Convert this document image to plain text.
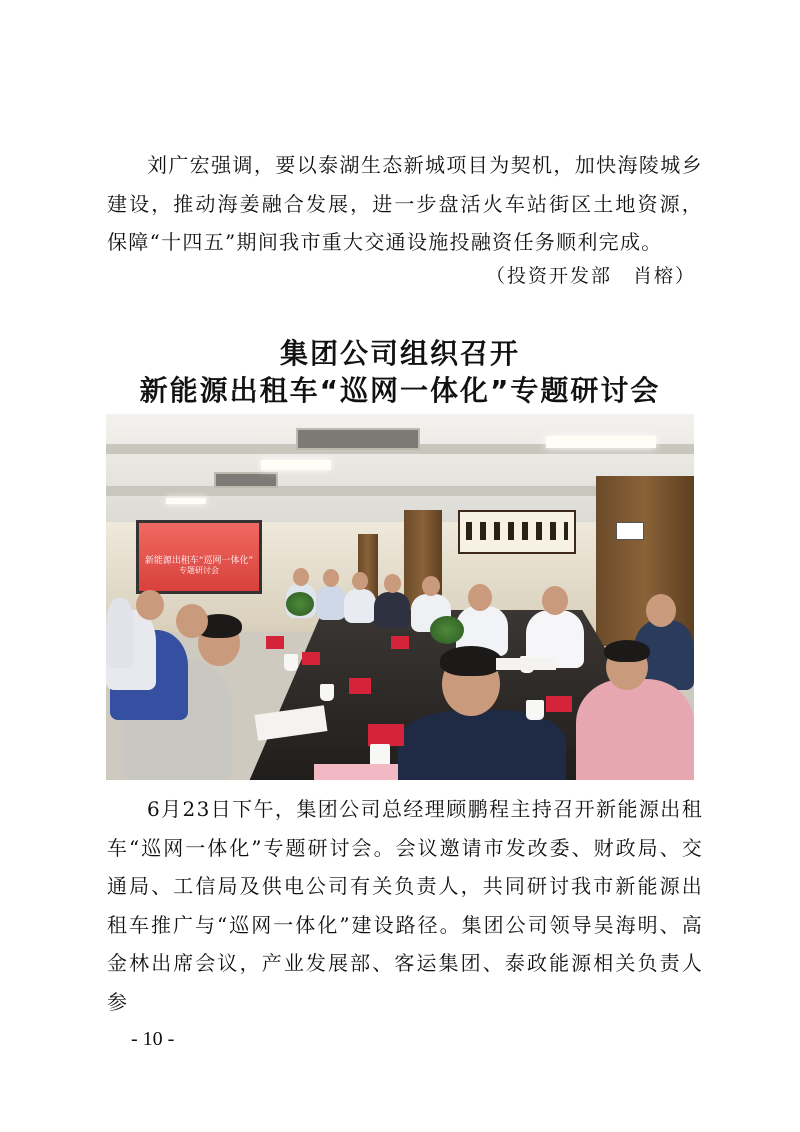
刘广宏强调，要以泰湖生态新城项目为契机，加快海陵城乡建设，推动海姜融合发展，进一步盘活火车站街区土地资源，保障“十四五”期间我市重大交通设施投融资任务顺利完成。

（投资开发部　肖榕）

集团公司组织召开
新能源出租车“巡网一体化”专题研讨会
新能源出租车“巡网一体化”
专题研讨会

6月23日下午，集团公司总经理顾鹏程主持召开新能源出租车“巡网一体化”专题研讨会。会议邀请市发改委、财政局、交通局、工信局及供电公司有关负责人，共同研讨我市新能源出租车推广与“巡网一体化”建设路径。集团公司领导吴海明、高金林出席会议，产业发展部、客运集团、泰政能源相关负责人参

- 10 -
